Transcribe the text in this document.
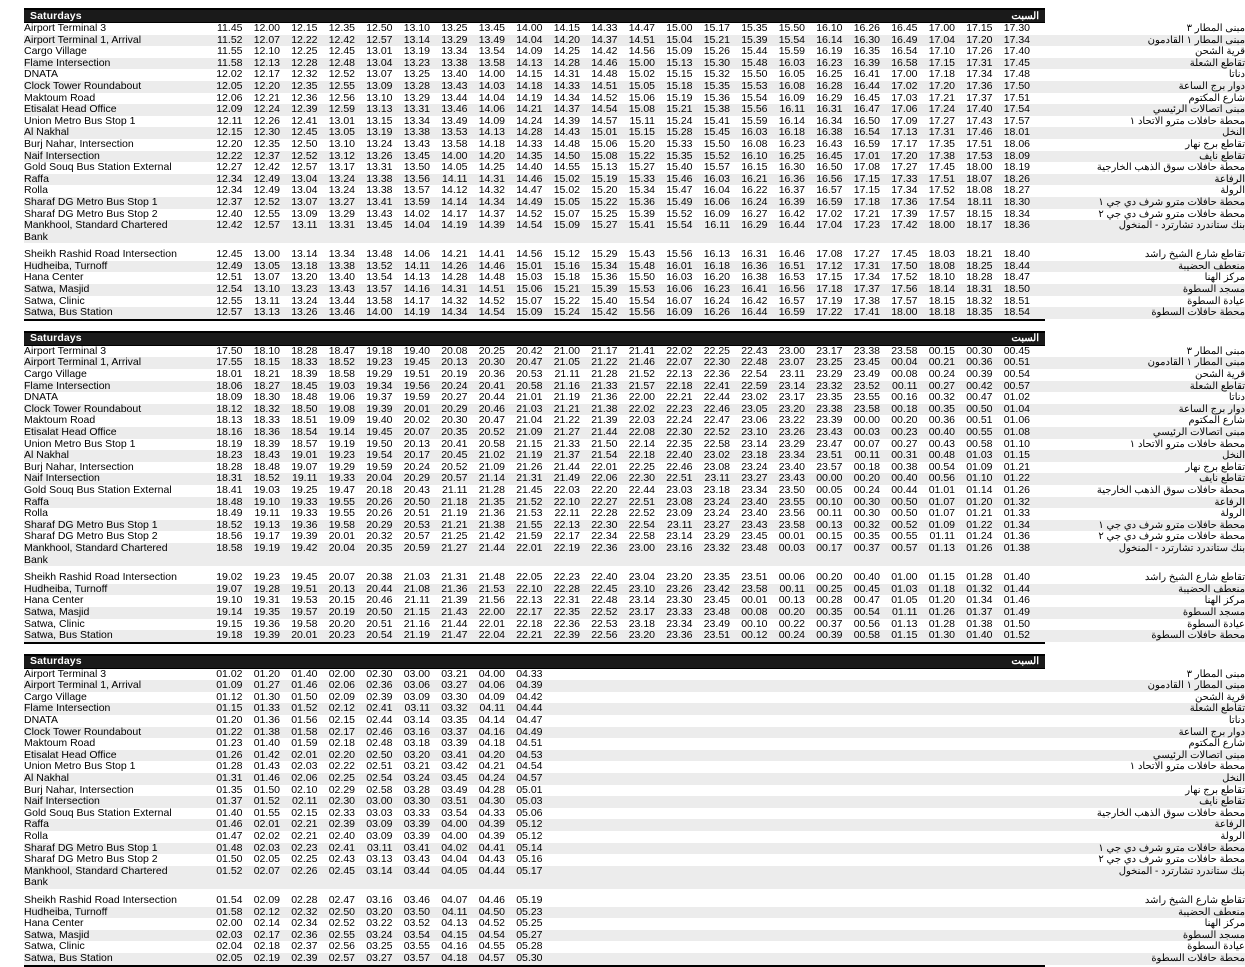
Saturdays	السبت
Airport Terminal 3	11.45	12.00	12.15	12.35	12.50	13.10	13.25	13.45	14.00	14.15	14.33	14.47	15.00	15.17	15.35	15.50	16.10	16.26	16.45	17.00	17.15	17.30	مبنى المطار ٣
Airport Terminal 1, Arrival	11.52	12.07	12.22	12.42	12.57	13.14	13.29	13.49	14.04	14.20	14.37	14.51	15.04	15.21	15.39	15.54	16.14	16.30	16.49	17.04	17.20	17.34	مبنى المطار ١ القادمون
Cargo Village	11.55	12.10	12.25	12.45	13.01	13.19	13.34	13.54	14.09	14.25	14.42	14.56	15.09	15.26	15.44	15.59	16.19	16.35	16.54	17.10	17.26	17.40	قرية الشحن
Flame Intersection	11.58	12.13	12.28	12.48	13.04	13.23	13.38	13.58	14.13	14.28	14.46	15.00	15.13	15.30	15.48	16.03	16.23	16.39	16.58	17.15	17.31	17.45	تقاطع الشعلة
DNATA	12.02	12.17	12.32	12.52	13.07	13.25	13.40	14.00	14.15	14.31	14.48	15.02	15.15	15.32	15.50	16.05	16.25	16.41	17.00	17.18	17.34	17.48	دناتا
Clock Tower Roundabout	12.05	12.20	12.35	12.55	13.09	13.28	13.43	14.03	14.18	14.33	14.51	15.05	15.18	15.35	15.53	16.08	16.28	16.44	17.02	17.20	17.36	17.50	دوار برج الساعة
Maktoum Road	12.06	12.21	12.36	12.56	13.10	13.29	13.44	14.04	14.19	14.34	14.52	15.06	15.19	15.36	15.54	16.09	16.29	16.45	17.03	17.21	17.37	17.51	شارع المكتوم
Etisalat Head Office	12.09	12.24	12.39	12.59	13.13	13.31	13.46	14.06	14.21	14.37	14.54	15.08	15.21	15.38	15.56	16.11	16.31	16.47	17.06	17.24	17.40	17.54	مبنى اتصالات الرئيسي
Union Metro Bus Stop 1	12.11	12.26	12.41	13.01	13.15	13.34	13.49	14.09	14.24	14.39	14.57	15.11	15.24	15.41	15.59	16.14	16.34	16.50	17.09	17.27	17.43	17.57	محطة حافلات مترو الاتحاد ١
Al Nakhal	12.15	12.30	12.45	13.05	13.19	13.38	13.53	14.13	14.28	14.43	15.01	15.15	15.28	15.45	16.03	16.18	16.38	16.54	17.13	17.31	17.46	18.01	النخل
Burj Nahar, Intersection	12.20	12.35	12.50	13.10	13.24	13.43	13.58	14.18	14.33	14.48	15.06	15.20	15.33	15.50	16.08	16.23	16.43	16.59	17.17	17.35	17.51	18.06	تقاطع برج نهار
Naif Intersection	12.22	12.37	12.52	13.12	13.26	13.45	14.00	14.20	14.35	14.50	15.08	15.22	15.35	15.52	16.10	16.25	16.45	17.01	17.20	17.38	17.53	18.09	تقاطع نايف
Gold Souq Bus Station External	12.27	12.42	12.57	13.17	13.31	13.50	14.05	14.25	14.40	14.55	15.13	15.27	15.40	15.57	16.15	16.30	16.50	17.08	17.27	17.45	18.00	18.19	محطة حافلات سوق الذهب الخارجية
Raffa	12.34	12.49	13.04	13.24	13.38	13.56	14.11	14.31	14.46	15.02	15.19	15.33	15.46	16.03	16.21	16.36	16.56	17.15	17.33	17.51	18.07	18.26	الرفاعة
Rolla	12.34	12.49	13.04	13.24	13.38	13.57	14.12	14.32	14.47	15.02	15.20	15.34	15.47	16.04	16.22	16.37	16.57	17.15	17.34	17.52	18.08	18.27	الرولة
Sharaf DG Metro Bus Stop 1	12.37	12.52	13.07	13.27	13.41	13.59	14.14	14.34	14.49	15.05	15.22	15.36	15.49	16.06	16.24	16.39	16.59	17.18	17.36	17.54	18.11	18.30	محطة حافلات مترو شرف دي جي ١
Sharaf DG Metro Bus Stop 2	12.40	12.55	13.09	13.29	13.43	14.02	14.17	14.37	14.52	15.07	15.25	15.39	15.52	16.09	16.27	16.42	17.02	17.21	17.39	17.57	18.15	18.34	محطة حافلات مترو شرف دي جي ٢
Mankhool, Standard Chartered
Bank	12.42	12.57	13.11	13.31	13.45	14.04	14.19	14.39	14.54	15.09	15.27	15.41	15.54	16.11	16.29	16.44	17.04	17.23	17.42	18.00	18.17	18.36	بنك ستاندرد تشارترد - المنخول

Sheikh Rashid Road Intersection	12.45	13.00	13.14	13.34	13.48	14.06	14.21	14.41	14.56	15.12	15.29	15.43	15.56	16.13	16.31	16.46	17.08	17.27	17.45	18.03	18.21	18.40	تقاطع شارع الشيخ راشد
Hudheiba, Turnoff	12.49	13.05	13.18	13.38	13.52	14.11	14.26	14.46	15.01	15.16	15.34	15.48	16.01	16.18	16.36	16.51	17.12	17.31	17.50	18.08	18.25	18.44	منعطف الحضيبة
Hana Center	12.51	13.07	13.20	13.40	13.54	14.13	14.28	14.48	15.03	15.18	15.36	15.50	16.03	16.20	16.38	16.53	17.15	17.34	17.52	18.10	18.28	18.47	مركز الهنا
Satwa, Masjid	12.54	13.10	13.23	13.43	13.57	14.16	14.31	14.51	15.06	15.21	15.39	15.53	16.06	16.23	16.41	16.56	17.18	17.37	17.56	18.14	18.31	18.50	مسجد السطوة
Satwa, Clinic	12.55	13.11	13.24	13.44	13.58	14.17	14.32	14.52	15.07	15.22	15.40	15.54	16.07	16.24	16.42	16.57	17.19	17.38	17.57	18.15	18.32	18.51	عيادة السطوة
Satwa, Bus Station	12.57	13.13	13.26	13.46	14.00	14.19	14.34	14.54	15.09	15.24	15.42	15.56	16.09	16.26	16.44	16.59	17.22	17.41	18.00	18.18	18.35	18.54	محطة حافلات السطوة
Saturdays	السبت
Airport Terminal 3	17.50	18.10	18.28	18.47	19.18	19.40	20.08	20.25	20.42	21.00	21.17	21.41	22.02	22.25	22.43	23.00	23.17	23.38	23.58	00.15	00.30	00.45	مبنى المطار ٣
Airport Terminal 1, Arrival	17.55	18.15	18.33	18.52	19.23	19.45	20.13	20.30	20.47	21.05	21.22	21.46	22.07	22.30	22.48	23.07	23.25	23.45	00.04	00.21	00.36	00.51	مبنى المطار ١ القادمون
Cargo Village	18.01	18.21	18.39	18.58	19.29	19.51	20.19	20.36	20.53	21.11	21.28	21.52	22.13	22.36	22.54	23.11	23.29	23.49	00.08	00.24	00.39	00.54	قرية الشحن
Flame Intersection	18.06	18.27	18.45	19.03	19.34	19.56	20.24	20.41	20.58	21.16	21.33	21.57	22.18	22.41	22.59	23.14	23.32	23.52	00.11	00.27	00.42	00.57	تقاطع الشعلة
DNATA	18.09	18.30	18.48	19.06	19.37	19.59	20.27	20.44	21.01	21.19	21.36	22.00	22.21	22.44	23.02	23.17	23.35	23.55	00.16	00.32	00.47	01.02	دناتا
Clock Tower Roundabout	18.12	18.32	18.50	19.08	19.39	20.01	20.29	20.46	21.03	21.21	21.38	22.02	22.23	22.46	23.05	23.20	23.38	23.58	00.18	00.35	00.50	01.04	دوار برج الساعة
Maktoum Road	18.13	18.33	18.51	19.09	19.40	20.02	20.30	20.47	21.04	21.22	21.39	22.03	22.24	22.47	23.06	23.22	23.39	00.00	00.20	00.36	00.51	01.06	شارع المكتوم
Etisalat Head Office	18.16	18.36	18.54	19.14	19.45	20.07	20.35	20.52	21.09	21.27	21.44	22.08	22.30	22.52	23.10	23.26	23.43	00.03	00.23	00.40	00.55	01.08	مبنى اتصالات الرئيسي
Union Metro Bus Stop 1	18.19	18.39	18.57	19.19	19.50	20.13	20.41	20.58	21.15	21.33	21.50	22.14	22.35	22.58	23.14	23.29	23.47	00.07	00.27	00.43	00.58	01.10	محطة حافلات مترو الاتحاد ١
Al Nakhal	18.23	18.43	19.01	19.23	19.54	20.17	20.45	21.02	21.19	21.37	21.54	22.18	22.40	23.02	23.18	23.34	23.51	00.11	00.31	00.48	01.03	01.15	النخل
Burj Nahar, Intersection	18.28	18.48	19.07	19.29	19.59	20.24	20.52	21.09	21.26	21.44	22.01	22.25	22.46	23.08	23.24	23.40	23.57	00.18	00.38	00.54	01.09	01.21	تقاطع برج نهار
Naif Intersection	18.31	18.52	19.11	19.33	20.04	20.29	20.57	21.14	21.31	21.49	22.06	22.30	22.51	23.11	23.27	23.43	00.00	00.20	00.40	00.56	01.10	01.22	تقاطع نايف
Gold Souq Bus Station External	18.41	19.03	19.25	19.47	20.18	20.43	21.11	21.28	21.45	22.03	22.20	22.44	23.03	23.18	23.34	23.50	00.05	00.24	00.44	01.01	01.14	01.26	محطة حافلات سوق الذهب الخارجية
Raffa	18.48	19.10	19.33	19.55	20.26	20.50	21.18	21.35	21.52	22.10	22.27	22.51	23.08	23.24	23.40	23.55	00.10	00.30	00.50	01.07	01.20	01.32	الرفاعة
Rolla	18.49	19.11	19.33	19.55	20.26	20.51	21.19	21.36	21.53	22.11	22.28	22.52	23.09	23.24	23.40	23.56	00.11	00.30	00.50	01.07	01.21	01.33	الرولة
Sharaf DG Metro Bus Stop 1	18.52	19.13	19.36	19.58	20.29	20.53	21.21	21.38	21.55	22.13	22.30	22.54	23.11	23.27	23.43	23.58	00.13	00.32	00.52	01.09	01.22	01.34	محطة حافلات مترو شرف دي جي ١
Sharaf DG Metro Bus Stop 2	18.56	19.17	19.39	20.01	20.32	20.57	21.25	21.42	21.59	22.17	22.34	22.58	23.14	23.29	23.45	00.01	00.15	00.35	00.55	01.11	01.24	01.36	محطة حافلات مترو شرف دي جي ٢
Mankhool, Standard Chartered
Bank	18.58	19.19	19.42	20.04	20.35	20.59	21.27	21.44	22.01	22.19	22.36	23.00	23.16	23.32	23.48	00.03	00.17	00.37	00.57	01.13	01.26	01.38	بنك ستاندرد تشارترد - المنخول

Sheikh Rashid Road Intersection	19.02	19.23	19.45	20.07	20.38	21.03	21.31	21.48	22.05	22.23	22.40	23.04	23.20	23.35	23.51	00.06	00.20	00.40	01.00	01.15	01.28	01.40	تقاطع شارع الشيخ راشد
Hudheiba, Turnoff	19.07	19.28	19.51	20.13	20.44	21.08	21.36	21.53	22.10	22.28	22.45	23.10	23.26	23.42	23.58	00.11	00.25	00.45	01.03	01.18	01.32	01.44	منعطف الحضيبة
Hana Center	19.10	19.31	19.53	20.15	20.46	21.11	21.39	21.56	22.13	22.31	22.48	23.14	23.30	23.45	00.01	00.13	00.28	00.47	01.05	01.20	01.34	01.46	مركز الهنا
Satwa, Masjid	19.14	19.35	19.57	20.19	20.50	21.15	21.43	22.00	22.17	22.35	22.52	23.17	23.33	23.48	00.08	00.20	00.35	00.54	01.11	01.26	01.37	01.49	مسجد السطوة
Satwa, Clinic	19.15	19.36	19.58	20.20	20.51	21.16	21.44	22.01	22.18	22.36	22.53	23.18	23.34	23.49	00.10	00.22	00.37	00.56	01.13	01.28	01.38	01.50	عيادة السطوة
Satwa, Bus Station	19.18	19.39	20.01	20.23	20.54	21.19	21.47	22.04	22.21	22.39	22.56	23.20	23.36	23.51	00.12	00.24	00.39	00.58	01.15	01.30	01.40	01.52	محطة حافلات السطوة
Saturdays	السبت
Airport Terminal 3	01.02	01.20	01.40	02.00	02.30	03.00	03.21	04.00	04.33														مبنى المطار ٣
Airport Terminal 1, Arrival	01.09	01.27	01.46	02.06	02.36	03.06	03.27	04.06	04.39														مبنى المطار ١ القادمون
Cargo Village	01.12	01.30	01.50	02.09	02.39	03.09	03.30	04.09	04.42														قرية الشحن
Flame Intersection	01.15	01.33	01.52	02.12	02.41	03.11	03.32	04.11	04.44														تقاطع الشعلة
DNATA	01.20	01.36	01.56	02.15	02.44	03.14	03.35	04.14	04.47														دناتا
Clock Tower Roundabout	01.22	01.38	01.58	02.17	02.46	03.16	03.37	04.16	04.49														دوار برج الساعة
Maktoum Road	01.23	01.40	01.59	02.18	02.48	03.18	03.39	04.18	04.51														شارع المكتوم
Etisalat Head Office	01.26	01.42	02.01	02.20	02.50	03.20	03.41	04.20	04.53														مبنى اتصالات الرئيسي
Union Metro Bus Stop 1	01.28	01.43	02.03	02.22	02.51	03.21	03.42	04.21	04.54														محطة حافلات مترو الاتحاد ١
Al Nakhal	01.31	01.46	02.06	02.25	02.54	03.24	03.45	04.24	04.57														النخل
Burj Nahar, Intersection	01.35	01.50	02.10	02.29	02.58	03.28	03.49	04.28	05.01														تقاطع برج نهار
Naif Intersection	01.37	01.52	02.11	02.30	03.00	03.30	03.51	04.30	05.03														تقاطع نايف
Gold Souq Bus Station External	01.40	01.55	02.15	02.33	03.03	03.33	03.54	04.33	05.06														محطة حافلات سوق الذهب الخارجية
Raffa	01.46	02.01	02.21	02.39	03.09	03.39	04.00	04.39	05.12														الرفاعة
Rolla	01.47	02.02	02.21	02.40	03.09	03.39	04.00	04.39	05.12														الرولة
Sharaf DG Metro Bus Stop 1	01.48	02.03	02.23	02.41	03.11	03.41	04.02	04.41	05.14														محطة حافلات مترو شرف دي جي ١
Sharaf DG Metro Bus Stop 2	01.50	02.05	02.25	02.43	03.13	03.43	04.04	04.43	05.16														محطة حافلات مترو شرف دي جي ٢
Mankhool, Standard Chartered
Bank	01.52	02.07	02.26	02.45	03.14	03.44	04.05	04.44	05.17														بنك ستاندرد تشارترد - المنخول

Sheikh Rashid Road Intersection	01.54	02.09	02.28	02.47	03.16	03.46	04.07	04.46	05.19														تقاطع شارع الشيخ راشد
Hudheiba, Turnoff	01.58	02.12	02.32	02.50	03.20	03.50	04.11	04.50	05.23														منعطف الحضيبة
Hana Center	02.00	02.14	02.34	02.52	03.22	03.52	04.13	04.52	05.25														مركز الهنا
Satwa, Masjid	02.03	02.17	02.36	02.55	03.24	03.54	04.15	04.54	05.27														مسجد السطوة
Satwa, Clinic	02.04	02.18	02.37	02.56	03.25	03.55	04.16	04.55	05.28														عيادة السطوة
Satwa, Bus Station	02.05	02.19	02.39	02.57	03.27	03.57	04.18	04.57	05.30														محطة حافلات السطوة
